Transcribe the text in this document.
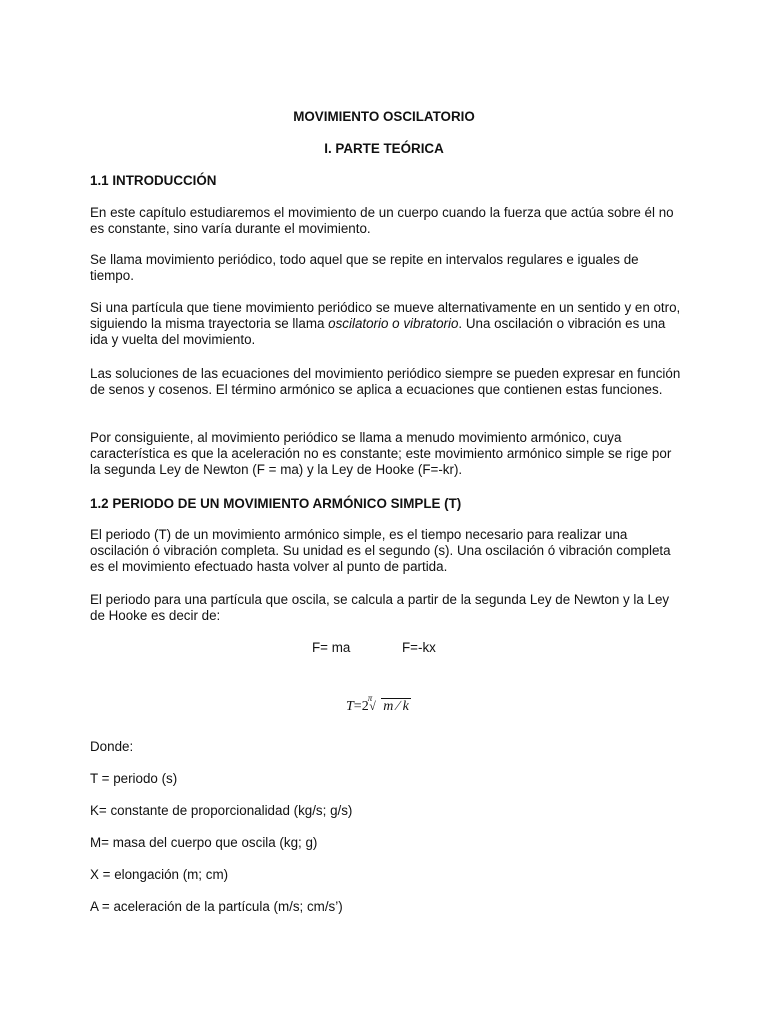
MOVIMIENTO OSCILATORIO

I. PARTE TEÓRICA

1.1 INTRODUCCIÓN

En este capítulo estudiaremos el movimiento de un cuerpo cuando la fuerza que actúa sobre él no es constante, sino varía durante el movimiento.

Se llama movimiento periódico, todo aquel que se repite en intervalos regulares e iguales de tiempo.

Si una partícula que tiene movimiento periódico se mueve alternativamente en un sentido y en otro, siguiendo la misma trayectoria se llama oscilatorio o vibratorio. Una oscilación o vibración es una ida y vuelta del movimiento.

Las soluciones de las ecuaciones del movimiento periódico siempre se pueden expresar en función de senos y cosenos. El término armónico se aplica a ecuaciones que contienen estas funciones.

Por consiguiente, al movimiento periódico se llama a menudo movimiento armónico, cuya característica es que la aceleración no es constante; este movimiento armónico simple se rige por la segunda Ley de Newton (F = ma) y la Ley de Hooke (F=-kr).

1.2 PERIODO DE UN MOVIMIENTO ARMÓNICO SIMPLE (T)

El periodo (T) de un movimiento armónico simple, es el tiempo necesario para realizar una oscilación ó vibración completa. Su unidad es el segundo (s). Una oscilación ó vibración completa es el movimiento efectuado hasta volver al punto de partida.

El periodo para una partícula que oscila, se calcula a partir de la segunda Ley de Newton y la Ley de Hooke es decir de:

F= ma	F=-kx
$T=2^\pi$
√ m ∕ k

Donde:

T = periodo (s)

K= constante de proporcionalidad (kg/s; g/s)

M= masa del cuerpo que oscila (kg; g)

X = elongación (m; cm)

A = aceleración de la partícula (m/s; cm/s’)
